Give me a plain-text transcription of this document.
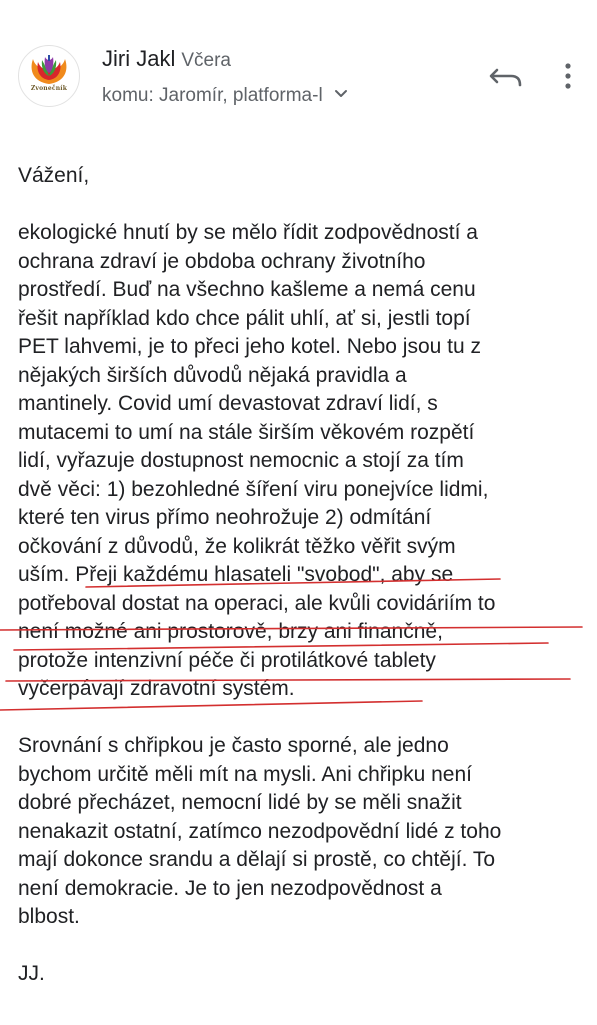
Zvonečník
Jiri Jakl Včera
komu: Jaromír, platforma-l

Vážení,

ekologické hnutí by se mělo řídit zodpovědností a
ochrana zdraví je obdoba ochrany životního
prostředí. Buď na všechno kašleme a nemá cenu
řešit například kdo chce pálit uhlí, ať si, jestli topí
PET lahvemi, je to přeci jeho kotel. Nebo jsou tu z
nějakých širších důvodů nějaká pravidla a
mantinely. Covid umí devastovat zdraví lidí, s
mutacemi to umí na stále širším věkovém rozpětí
lidí, vyřazuje dostupnost nemocnic a stojí za tím
dvě věci: 1) bezohledné šíření viru ponejvíce lidmi,
které ten virus přímo neohrožuje 2) odmítání
očkování z důvodů, že kolikrát těžko věřit svým
uším. Přeji každému hlasateli "svobod", aby se
potřeboval dostat na operaci, ale kvůli covidáriím to
není možné ani prostorově, brzy ani finančně,
protože intenzivní péče či protilátkové tablety
vyčerpávají zdravotní systém.

Srovnání s chřipkou je často sporné, ale jedno
bychom určitě měli mít na mysli. Ani chřipku není
dobré přecházet, nemocní lidé by se měli snažit
nenakazit ostatní, zatímco nezodpovědní lidé z toho
mají dokonce srandu a dělají si prostě, co chtějí. To
není demokracie. Je to jen nezodpovědnost a
blbost.

JJ.
